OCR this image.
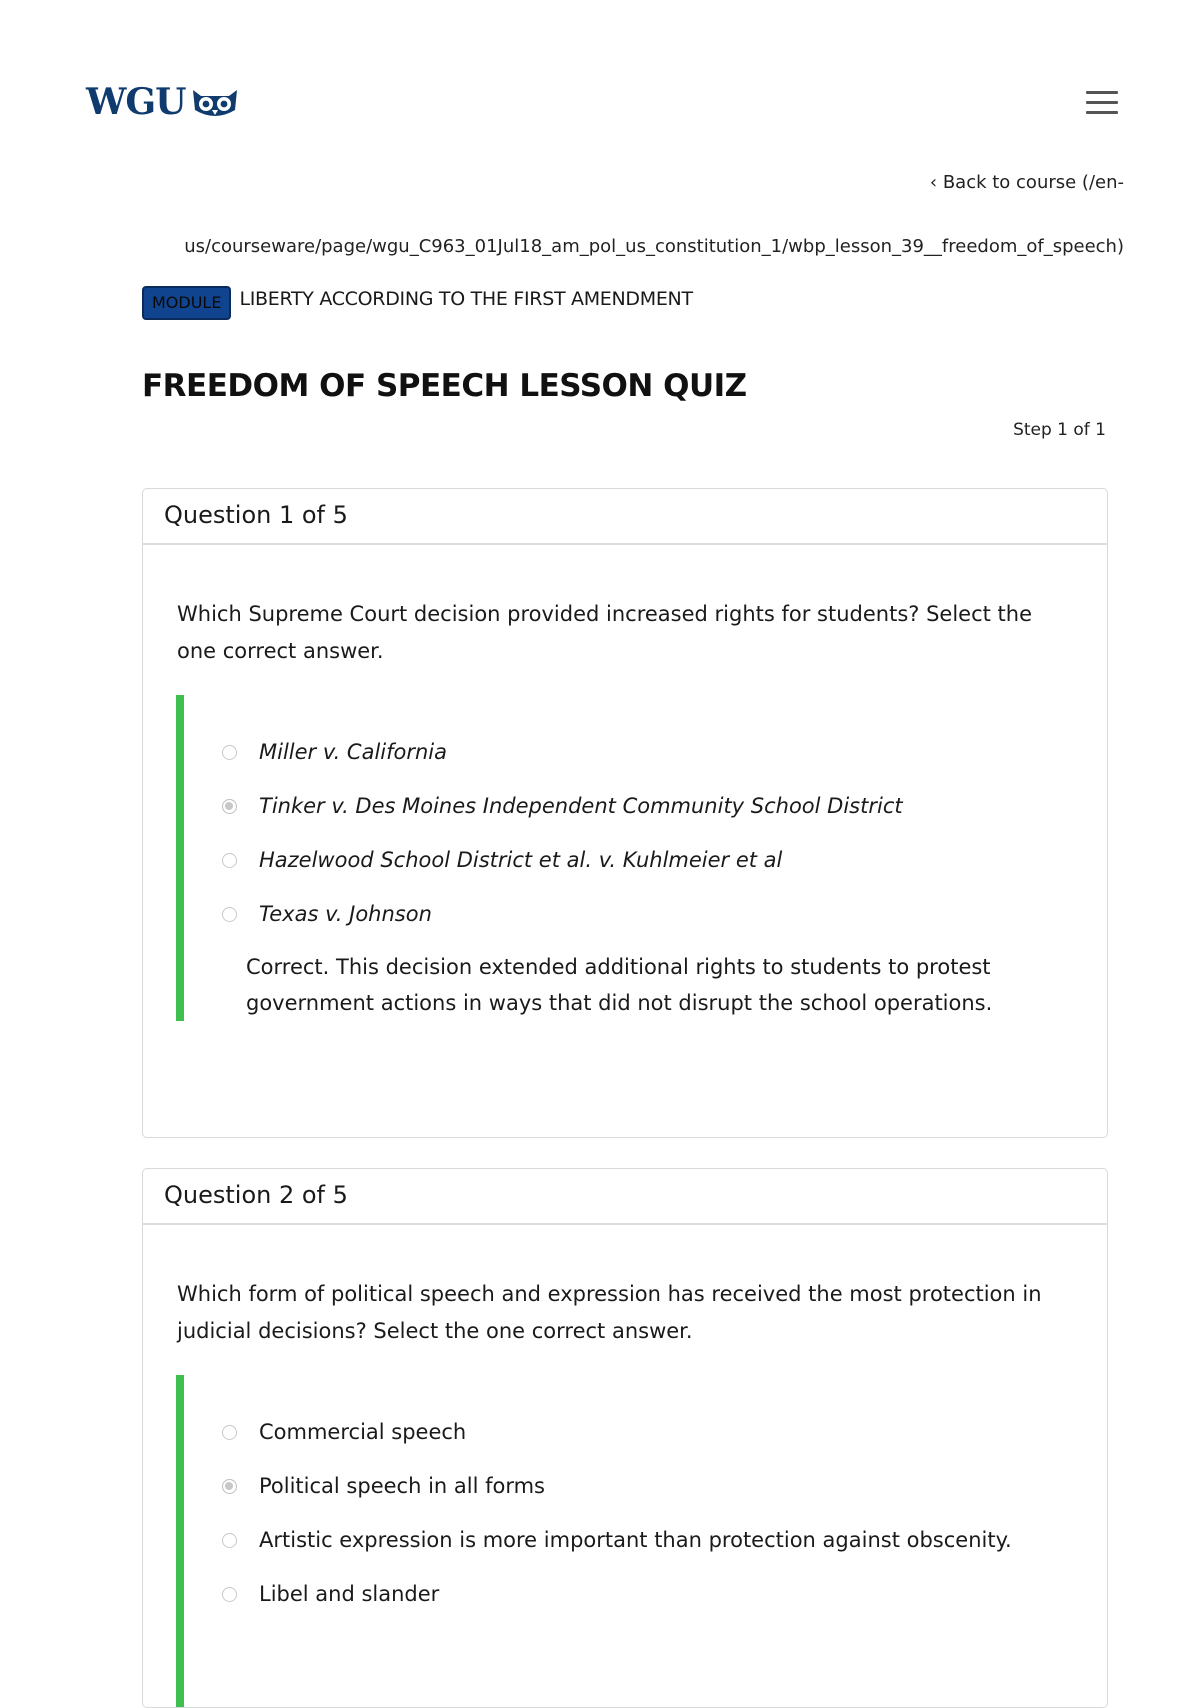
WGU
‹ Back to course (/en-
us/courseware/page/wgu_C963_01Jul18_am_pol_us_constitution_1/wbp_lesson_39__freedom_of_speech)
MODULE LIBERTY ACCORDING TO THE FIRST AMENDMENT
FREEDOM OF SPEECH LESSON QUIZ
Step 1 of 1
Question 1 of 5
Which Supreme Court decision provided increased rights for students? Select the one correct answer.
Miller v. California
Tinker v. Des Moines Independent Community School District
Hazelwood School District et al. v. Kuhlmeier et al
Texas v. Johnson
Correct. This decision extended additional rights to students to protest government actions in ways that did not disrupt the school operations.
Question 2 of 5
Which form of political speech and expression has received the most protection in judicial decisions? Select the one correct answer.
Commercial speech
Political speech in all forms
Artistic expression is more important than protection against obscenity.
Libel and slander
